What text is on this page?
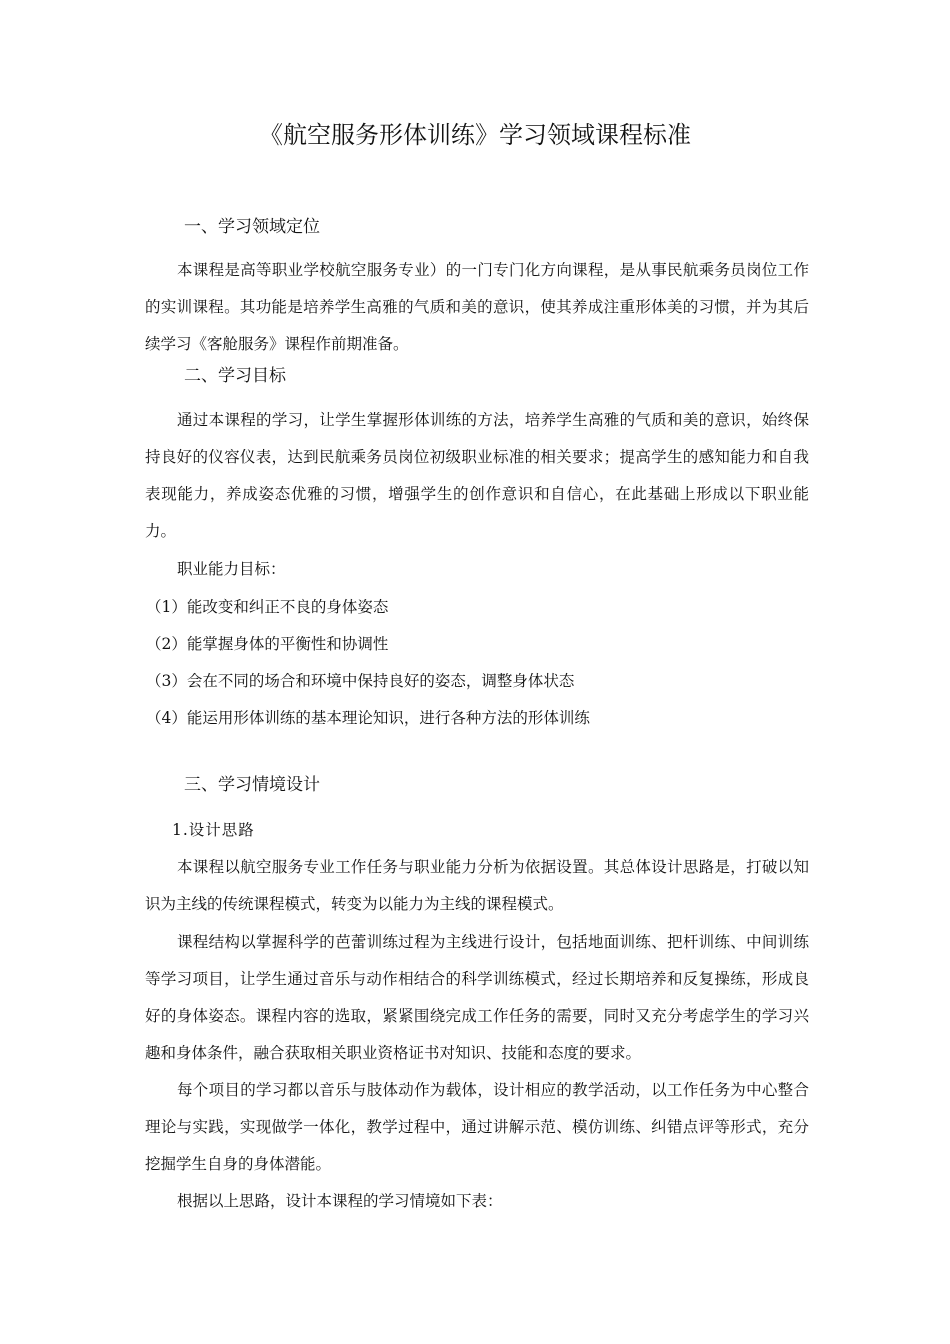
《航空服务形体训练》学习领域课程标准
一、学习领域定位

本课程是高等职业学校航空服务专业）的一门专门化方向课程，是从事民航乘务员岗位工作的实训课程。其功能是培养学生高雅的气质和美的意识，使其养成注重形体美的习惯，并为其后续学习《客舱服务》课程作前期准备。

二、学习目标

通过本课程的学习，让学生掌握形体训练的方法，培养学生高雅的气质和美的意识，始终保持良好的仪容仪表，达到民航乘务员岗位初级职业标准的相关要求；提高学生的感知能力和自我表现能力，养成姿态优雅的习惯，增强学生的创作意识和自信心，在此基础上形成以下职业能力。

职业能力目标：
（1）能改变和纠正不良的身体姿态
（2）能掌握身体的平衡性和协调性
（3）会在不同的场合和环境中保持良好的姿态，调整身体状态
（4）能运用形体训练的基本理论知识，进行各种方法的形体训练
三、学习情境设计
1.设计思路

本课程以航空服务专业工作任务与职业能力分析为依据设置。其总体设计思路是，打破以知识为主线的传统课程模式，转变为以能力为主线的课程模式。

课程结构以掌握科学的芭蕾训练过程为主线进行设计，包括地面训练、把杆训练、中间训练等学习项目，让学生通过音乐与动作相结合的科学训练模式，经过长期培养和反复操练，形成良好的身体姿态。课程内容的选取，紧紧围绕完成工作任务的需要，同时又充分考虑学生的学习兴趣和身体条件，融合获取相关职业资格证书对知识、技能和态度的要求。

每个项目的学习都以音乐与肢体动作为载体，设计相应的教学活动，以工作任务为中心整合理论与实践，实现做学一体化，教学过程中，通过讲解示范、模仿训练、纠错点评等形式，充分挖掘学生自身的身体潜能。

根据以上思路，设计本课程的学习情境如下表：
